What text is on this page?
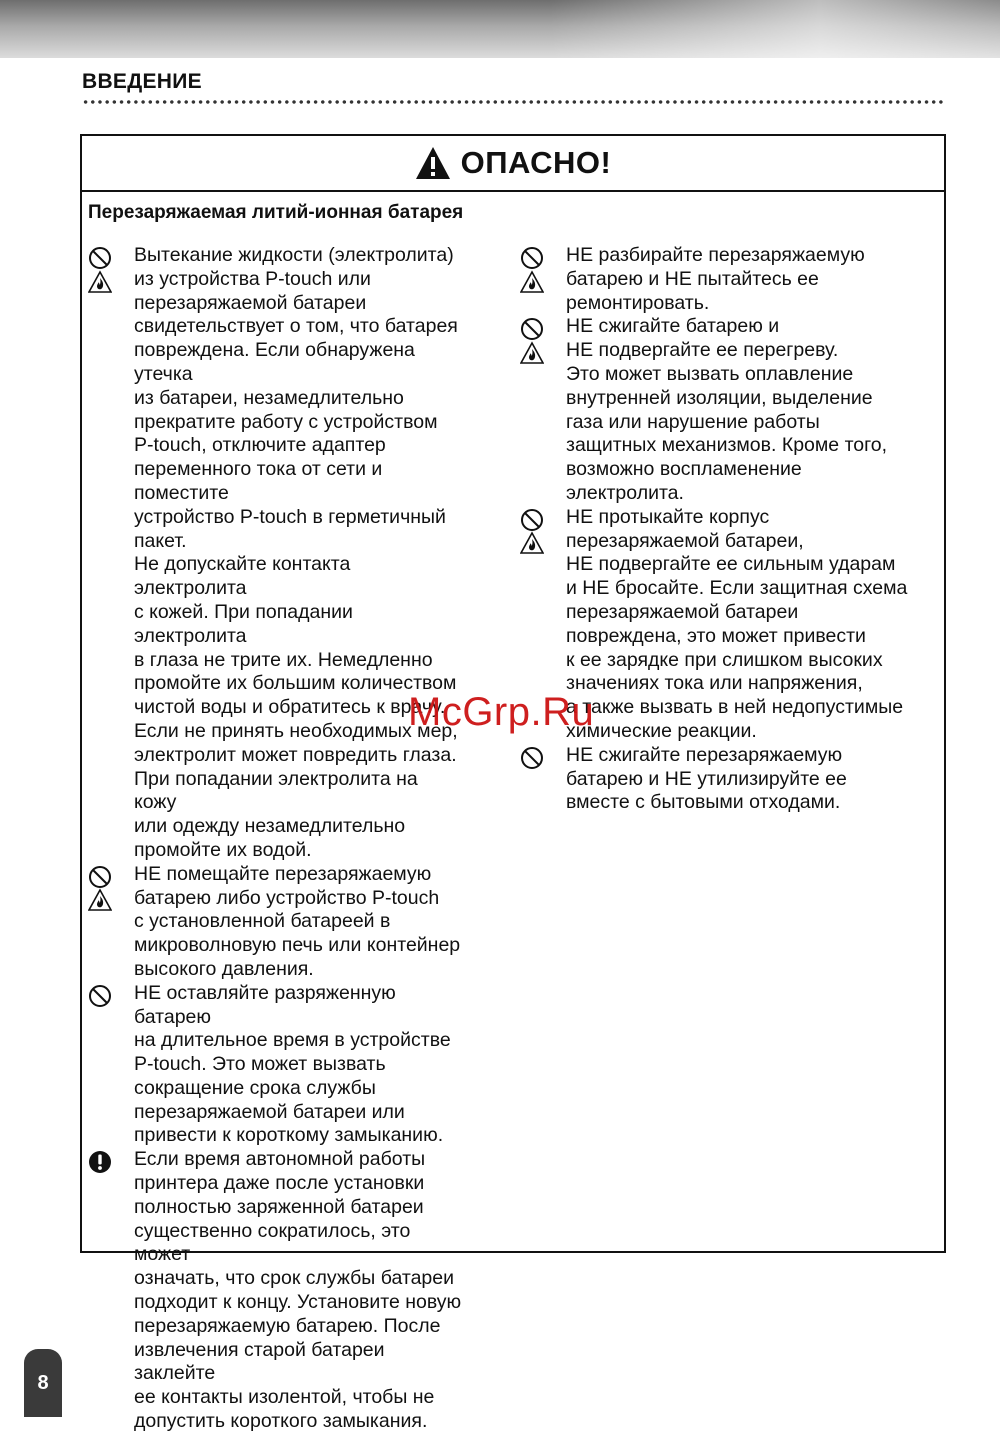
ВВЕДЕНИЕ
ОПАСНО!
Перезаряжаемая литий-ионная батарея

Вытекание жидкости (электролита)
из устройства P-touch или
перезаряжаемой батареи
свидетельствует о том, что батарея
повреждена. Если обнаружена утечка
из батареи, незамедлительно
прекратите работу с устройством
P-touch, отключите адаптер
переменного тока от сети и поместите
устройство P-touch в герметичный
пакет.

Не допускайте контакта электролита
с кожей. При попадании электролита
в глаза не трите их. Немедленно
промойте их большим количеством
чистой воды и обратитесь к врачу.
Если не принять необходимых мер,
электролит может повредить глаза.
При попадании электролита на кожу
или одежду незамедлительно
промойте их водой.

НЕ помещайте перезаряжаемую
батарею либо устройство P-touch
с установленной батареей в
микроволновую печь или контейнер
высокого давления.

НЕ оставляйте разряженную батарею
на длительное время в устройстве
P-touch. Это может вызвать
сокращение срока службы
перезаряжаемой батареи или
привести к короткому замыканию.

Если время автономной работы
принтера даже после установки
полностью заряженной батареи
существенно сократилось, это может
означать, что срок службы батареи
подходит к концу. Установите новую
перезаряжаемую батарею. После
извлечения старой батареи заклейте
ее контакты изолентой, чтобы не
допустить короткого замыкания.

НЕ разбирайте перезаряжаемую
батарею и НЕ пытайтесь ее
ремонтировать.

НЕ сжигайте батарею и
НЕ подвергайте ее перегреву.
Это может вызвать оплавление
внутренней изоляции, выделение
газа или нарушение работы
защитных механизмов. Кроме того,
возможно воспламенение
электролита.

НЕ протыкайте корпус
перезаряжаемой батареи,
НЕ подвергайте ее сильным ударам
и НЕ бросайте. Если защитная схема
перезаряжаемой батареи
повреждена, это может привести
к ее зарядке при слишком высоких
значениях тока или напряжения,
а также вызвать в ней недопустимые
химические реакции.

НЕ сжигайте перезаряжаемую
батарею и НЕ утилизируйте ее
вместе с бытовыми отходами.

McGrp.Ru
8
